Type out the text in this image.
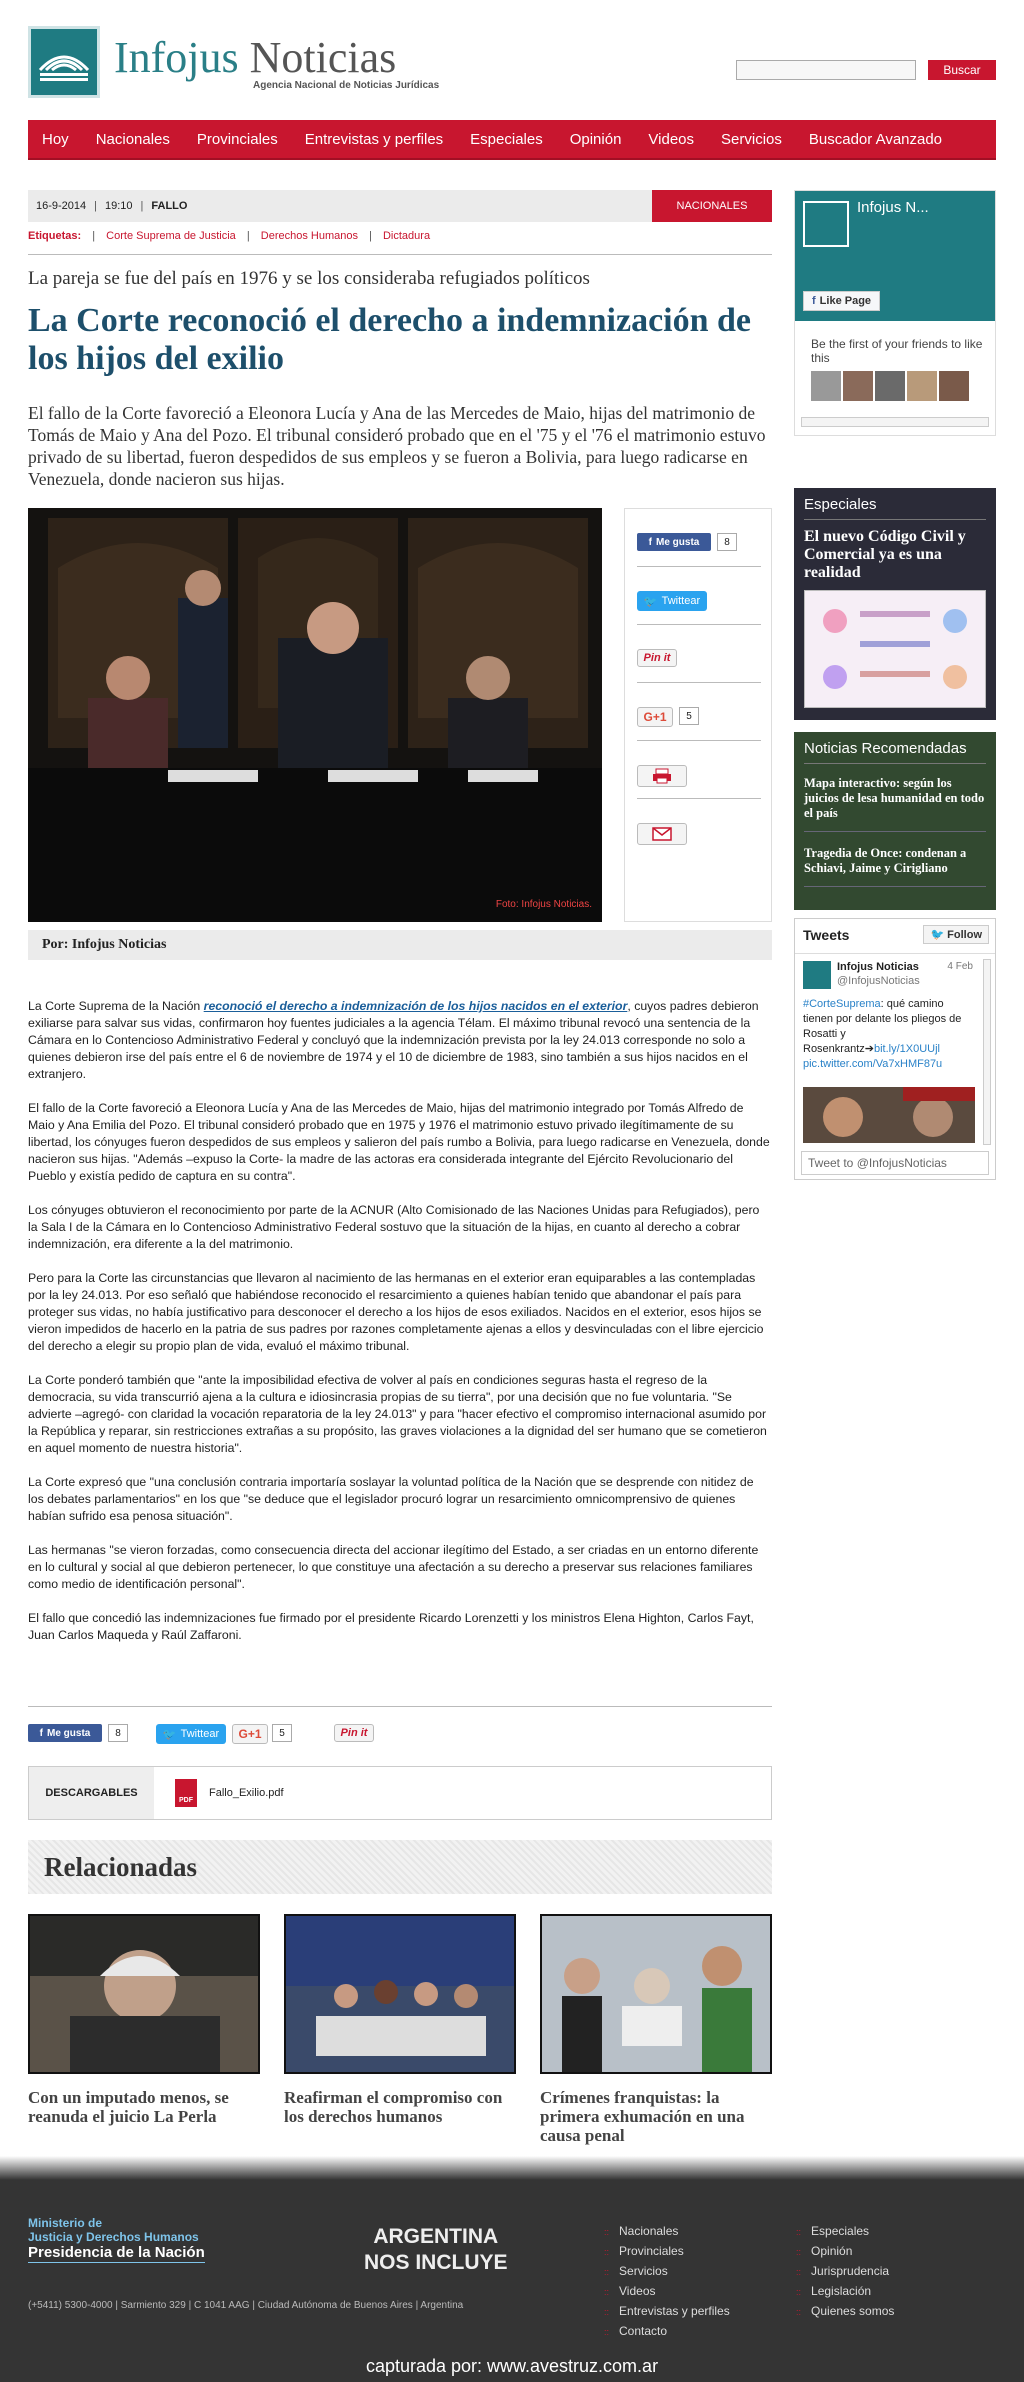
Infojus Noticias
Agencia Nacional de Noticias Jurídicas
Buscar
Hoy Nacionales Provinciales Entrevistas y perfiles Especiales Opinión Videos Servicios Buscador Avanzado
16-9-2014 | 19:10 | FALLO	NACIONALES
Etiquetas: | Corte Suprema de Justicia | Derechos Humanos | Dictadura
La pareja se fue del país en 1976 y se los consideraba refugiados políticos
La Corte reconoció el derecho a indemnización de los hijos del exilio
El fallo de la Corte favoreció a Eleonora Lucía y Ana de las Mercedes de Maio, hijas del matrimonio de Tomás de Maio y Ana del Pozo. El tribunal consideró probado que en el '75 y el '76 el matrimonio estuvo privado de su libertad, fueron despedidos de sus empleos y se fueron a Bolivia, para luego radicarse en Venezuela, donde nacieron sus hijas.
Foto: Infojus Noticias.
f Me gusta	8
🐦 Twittear
Pin it
G+1	5
Por: Infojus Noticias

La Corte Suprema de la Nación reconoció el derecho a indemnización de los hijos nacidos en el exterior, cuyos padres debieron exiliarse para salvar sus vidas, confirmaron hoy fuentes judiciales a la agencia Télam. El máximo tribunal revocó una sentencia de la Cámara en lo Contencioso Administrativo Federal y concluyó que la indemnización prevista por la ley 24.013 corresponde no solo a quienes debieron irse del país entre el 6 de noviembre de 1974 y el 10 de diciembre de 1983, sino también a sus hijos nacidos en el extranjero.

El fallo de la Corte favoreció a Eleonora Lucía y Ana de las Mercedes de Maio, hijas del matrimonio integrado por Tomás Alfredo de Maio y Ana Emilia del Pozo. El tribunal consideró probado que en 1975 y 1976 el matrimonio estuvo privado ilegítimamente de su libertad, los cónyuges fueron despedidos de sus empleos y salieron del país rumbo a Bolivia, para luego radicarse en Venezuela, donde nacieron sus hijas. "Además –expuso la Corte- la madre de las actoras era considerada integrante del Ejército Revolucionario del Pueblo y existía pedido de captura en su contra".

Los cónyuges obtuvieron el reconocimiento por parte de la ACNUR (Alto Comisionado de las Naciones Unidas para Refugiados), pero la Sala I de la Cámara en lo Contencioso Administrativo Federal sostuvo que la situación de la hijas, en cuanto al derecho a cobrar indemnización, era diferente a la del matrimonio.

Pero para la Corte las circunstancias que llevaron al nacimiento de las hermanas en el exterior eran equiparables a las contempladas por la ley 24.013. Por eso señaló que habiéndose reconocido el resarcimiento a quienes habían tenido que abandonar el país para proteger sus vidas, no había justificativo para desconocer el derecho a los hijos de esos exiliados. Nacidos en el exterior, esos hijos se vieron impedidos de hacerlo en la patria de sus padres por razones completamente ajenas a ellos y desvinculadas con el libre ejercicio del derecho a elegir su propio plan de vida, evaluó el máximo tribunal.

La Corte ponderó también que "ante la imposibilidad efectiva de volver al país en condiciones seguras hasta el regreso de la democracia, su vida transcurrió ajena a la cultura e idiosincrasia propias de su tierra", por una decisión que no fue voluntaria. "Se advierte –agregó- con claridad la vocación reparatoria de la ley 24.013" y para "hacer efectivo el compromiso internacional asumido por la República y reparar, sin restricciones extrañas a su propósito, las graves violaciones a la dignidad del ser humano que se cometieron en aquel momento de nuestra historia".

La Corte expresó que "una conclusión contraria importaría soslayar la voluntad política de la Nación que se desprende con nitidez de los debates parlamentarios" en los que "se deduce que el legislador procuró lograr un resarcimiento omnicomprensivo de quienes habían sufrido esa penosa situación".

Las hermanas "se vieron forzadas, como consecuencia directa del accionar ilegítimo del Estado, a ser criadas en un entorno diferente en lo cultural y social al que debieron pertenecer, lo que constituye una afectación a su derecho a preservar sus relaciones familiares como medio de identificación personal".

El fallo que concedió las indemnizaciones fue firmado por el presidente Ricardo Lorenzetti y los ministros Elena Highton, Carlos Fayt, Juan Carlos Maqueda y Raúl Zaffaroni.

f Me gusta	8	🐦 Twittear	G+1	5	Pin it
DESCARGABLES
PDF
Fallo_Exilio.pdf
Relacionadas
Con un imputado menos, se reanuda el juicio La Perla
Reafirman el compromiso con los derechos humanos
Crímenes franquistas: la primera exhumación en una causa penal
Infojus N...
f Like Page
Be the first of your friends to like this
Especiales
El nuevo Código Civil y Comercial ya es una realidad
Noticias Recomendadas
Mapa interactivo: según los juicios de lesa humanidad en todo el país
Tragedia de Once: condenan a Schiavi, Jaime y Cirigliano
Tweets	🐦 Follow
Infojus Noticias
@InfojusNoticias
4 Feb
#CorteSuprema: qué camino tienen por delante los pliegos de Rosatti y Rosenkrantz➔bit.ly/1X0UUjl
pic.twitter.com/Va7xHMF87u
Tweet to @InfojusNoticias
Ministerio de
Justicia y Derechos Humanos
Presidencia de la Nación
ARGENTINA
NOS INCLUYE
(+5411) 5300-4000 | Sarmiento 329 | C 1041 AAG | Ciudad Autónoma de Buenos Aires | Argentina
:: Nacionales
:: Provinciales
:: Servicios
:: Videos
:: Entrevistas y perfiles
:: Contacto
:: Especiales
:: Opinión
:: Jurisprudencia
:: Legislación
:: Quienes somos
capturada por: www.avestruz.com.ar
